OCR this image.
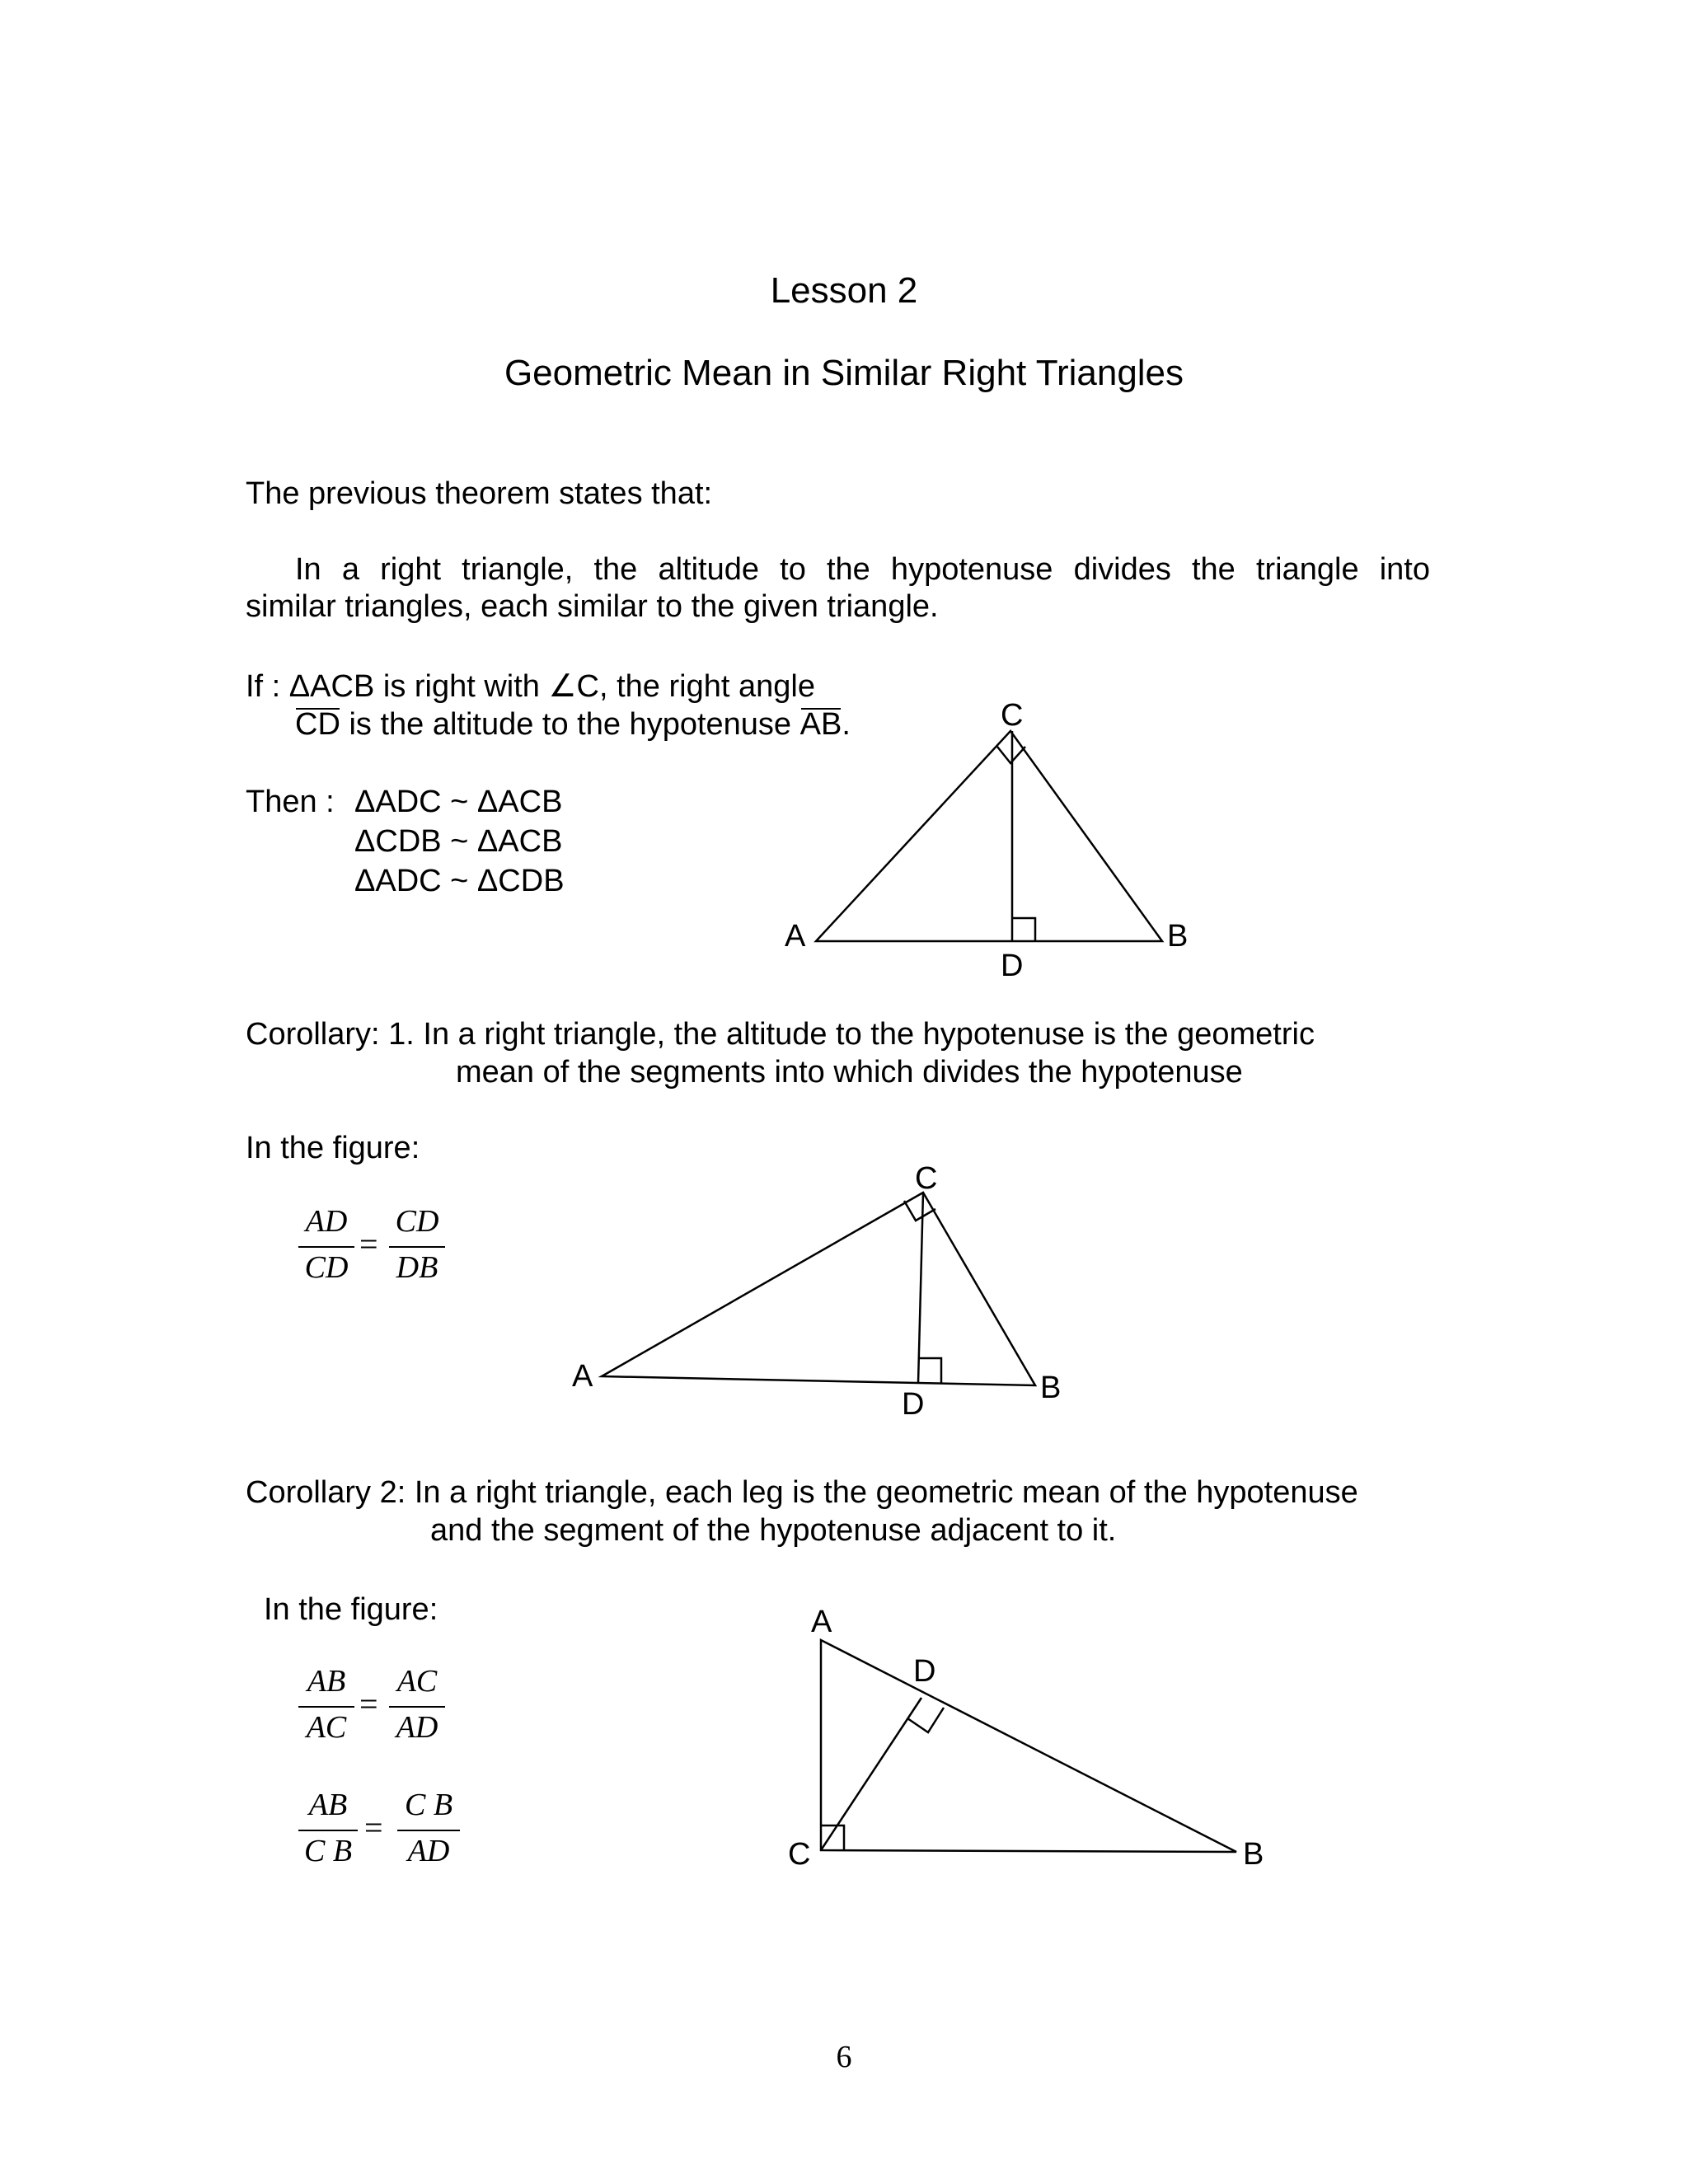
Lesson 2
Geometric Mean in Similar Right Triangles
The previous theorem states that:
In a right triangle, the altitude to the hypotenuse divides the triangle into
similar triangles, each similar to the given triangle.
If : ΔACB is right with ∠C, the right angle
CD is the altitude to the hypotenuse AB.
Then : ΔADC ~ ΔACB
ΔCDB ~ ΔACB
ΔADC ~ ΔCDB
Corollary: 1. In a right triangle, the altitude to the hypotenuse is the geometric
mean of the segments into which divides the hypotenuse
In the figure:
AD
CD
=
CD
DB
Corollary 2: In a right triangle, each leg is the geometric mean of the hypotenuse
and the segment of the hypotenuse adjacent to it.
In the figure:
AB
AC
=
AC
AD
AB
C B
=
C B
AD
C
A	B
D
C
A	B
D
A
D
C	B
6
